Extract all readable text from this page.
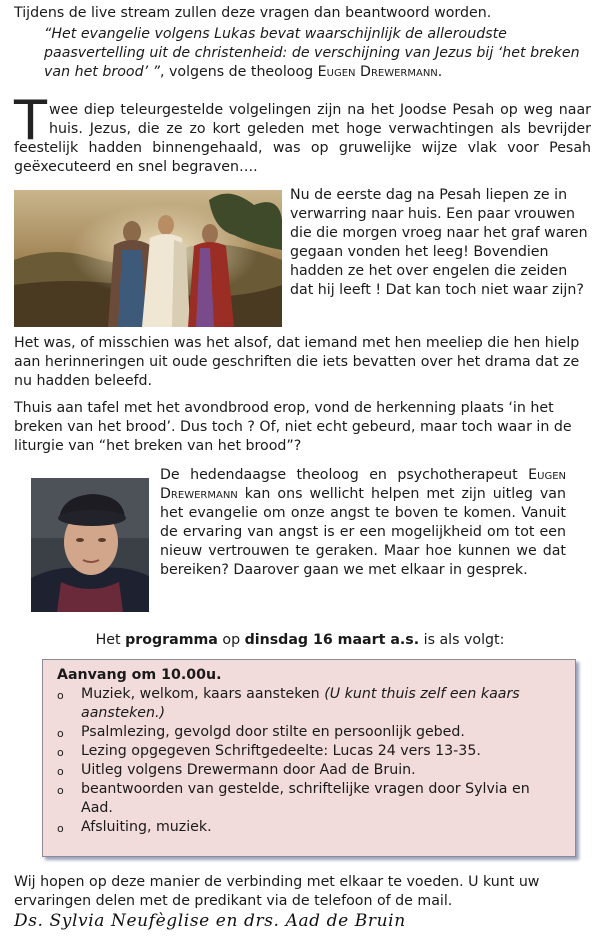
Tijdens de live stream zullen deze vragen dan beantwoord worden.

“Het evangelie volgens Lukas bevat waarschijnlijk de alleroudste paasvertelling uit de christenheid: de verschijning van Jezus bij ‘het breken van het brood’ ”, volgens de theoloog Eugen Drewermann.

Twee diep teleurgestelde volgelingen zijn na het Joodse Pesah op weg naar huis. Jezus, die ze zo kort geleden met hoge verwachtingen als bevrijder feestelijk hadden binnengehaald, was op gruwelijke wijze vlak voor Pesah geëxecuteerd en snel begraven….

Nu de eerste dag na Pesah liepen ze in verwarring naar huis. Een paar vrouwen die die morgen vroeg naar het graf waren gegaan vonden het leeg! Bovendien hadden ze het over engelen die zeiden dat hij leeft ! Dat kan toch niet waar zijn?

Het was, of misschien was het alsof, dat iemand met hen meeliep die hen hielp aan herinneringen uit oude geschriften die iets bevatten over het drama dat ze nu hadden beleefd.

Thuis aan tafel met het avondbrood erop, vond de herkenning plaats ‘in het breken van het brood’. Dus toch ? Of, niet echt gebeurd, maar toch waar in de liturgie van “het breken van het brood”?

De hedendaagse theoloog en psychotherapeut Eugen Drewermann kan ons wellicht helpen met zijn uitleg van het evangelie om onze angst te boven te komen. Vanuit de ervaring van angst is er een mogelijkheid om tot een nieuw vertrouwen te geraken. Maar hoe kunnen we dat bereiken? Daarover gaan we met elkaar in gesprek.

Het programma op dinsdag 16 maart a.s. is als volgt:

Aanvang om 10.00u.
o Muziek, welkom, kaars aansteken (U kunt thuis zelf een kaars aansteken.)
o Psalmlezing, gevolgd door stilte en persoonlijk gebed.
o Lezing opgegeven Schriftgedeelte: Lucas 24 vers 13-35.
o Uitleg volgens Drewermann door Aad de Bruin.
o beantwoorden van gestelde, schriftelijke vragen door Sylvia en Aad.
o Afsluiting, muziek.

Wij hopen op deze manier de verbinding met elkaar te voeden. U kunt uw ervaringen delen met de predikant via de telefoon of de mail.

Ds. Sylvia Neufèglise en drs. Aad de Bruin
